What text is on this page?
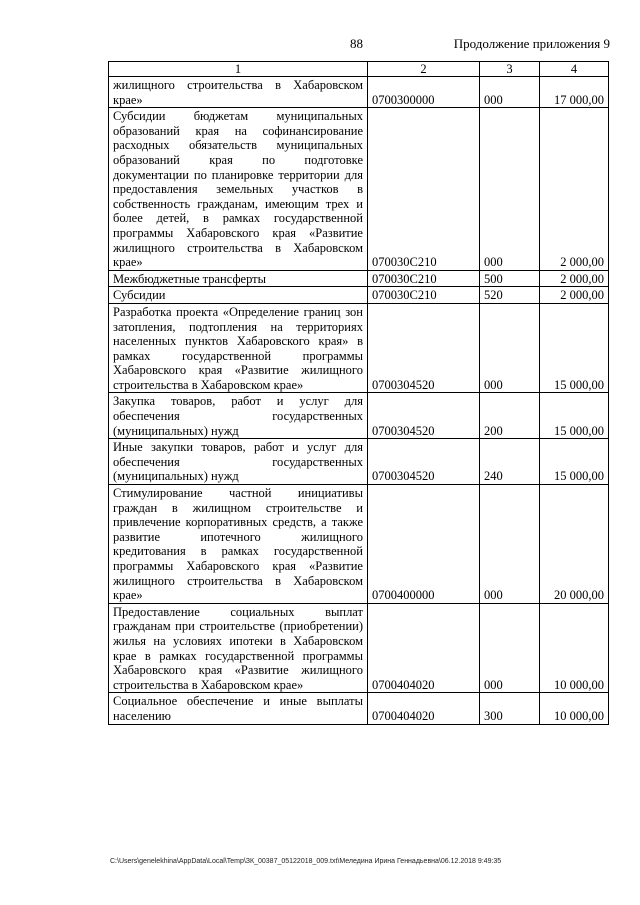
88	Продолжение приложения 9
1	2	3	4
жилищного строительства в Хабаровском крае»	0700300000	000	17 000,00
Субсидии бюджетам муниципальных образований края на софинансирование расходных обязательств муниципальных образований края по подготовке документации по планировке территории для предоставления земельных участков в собственность гражданам, имеющим трех и более детей, в рамках государственной программы Хабаровского края «Развитие жилищного строительства в Хабаровском крае»	070030С210	000	2 000,00
Межбюджетные трансферты	070030С210	500	2 000,00
Субсидии	070030С210	520	2 000,00
Разработка проекта «Определение границ зон затопления, подтопления на территориях населенных пунктов Хабаровского края» в рамках государственной программы Хабаровского края «Развитие жилищного строительства в Хабаровском крае»	0700304520	000	15 000,00
Закупка товаров, работ и услуг для обеспечения государственных (муниципальных) нужд	0700304520	200	15 000,00
Иные закупки товаров, работ и услуг для обеспечения государственных (муниципальных) нужд	0700304520	240	15 000,00
Стимулирование частной инициативы граждан в жилищном строительстве и привлечение корпоративных средств, а также развитие ипотечного жилищного кредитования в рамках государственной программы Хабаровского края «Развитие жилищного строительства в Хабаровском крае»	0700400000	000	20 000,00
Предоставление социальных выплат гражданам при строительстве (приобретении) жилья на условиях ипотеки в Хабаровском крае в рамках государственной программы Хабаровского края «Развитие жилищного строительства в Хабаровском крае»	0700404020	000	10 000,00
Социальное обеспечение и иные выплаты населению	0700404020	300	10 000,00
C:\Users\genelekhina\AppData\Local\Temp\ЗК_00387_05122018_009.txt\Меледина Ирина Геннадьевна\06.12.2018 9:49:35
